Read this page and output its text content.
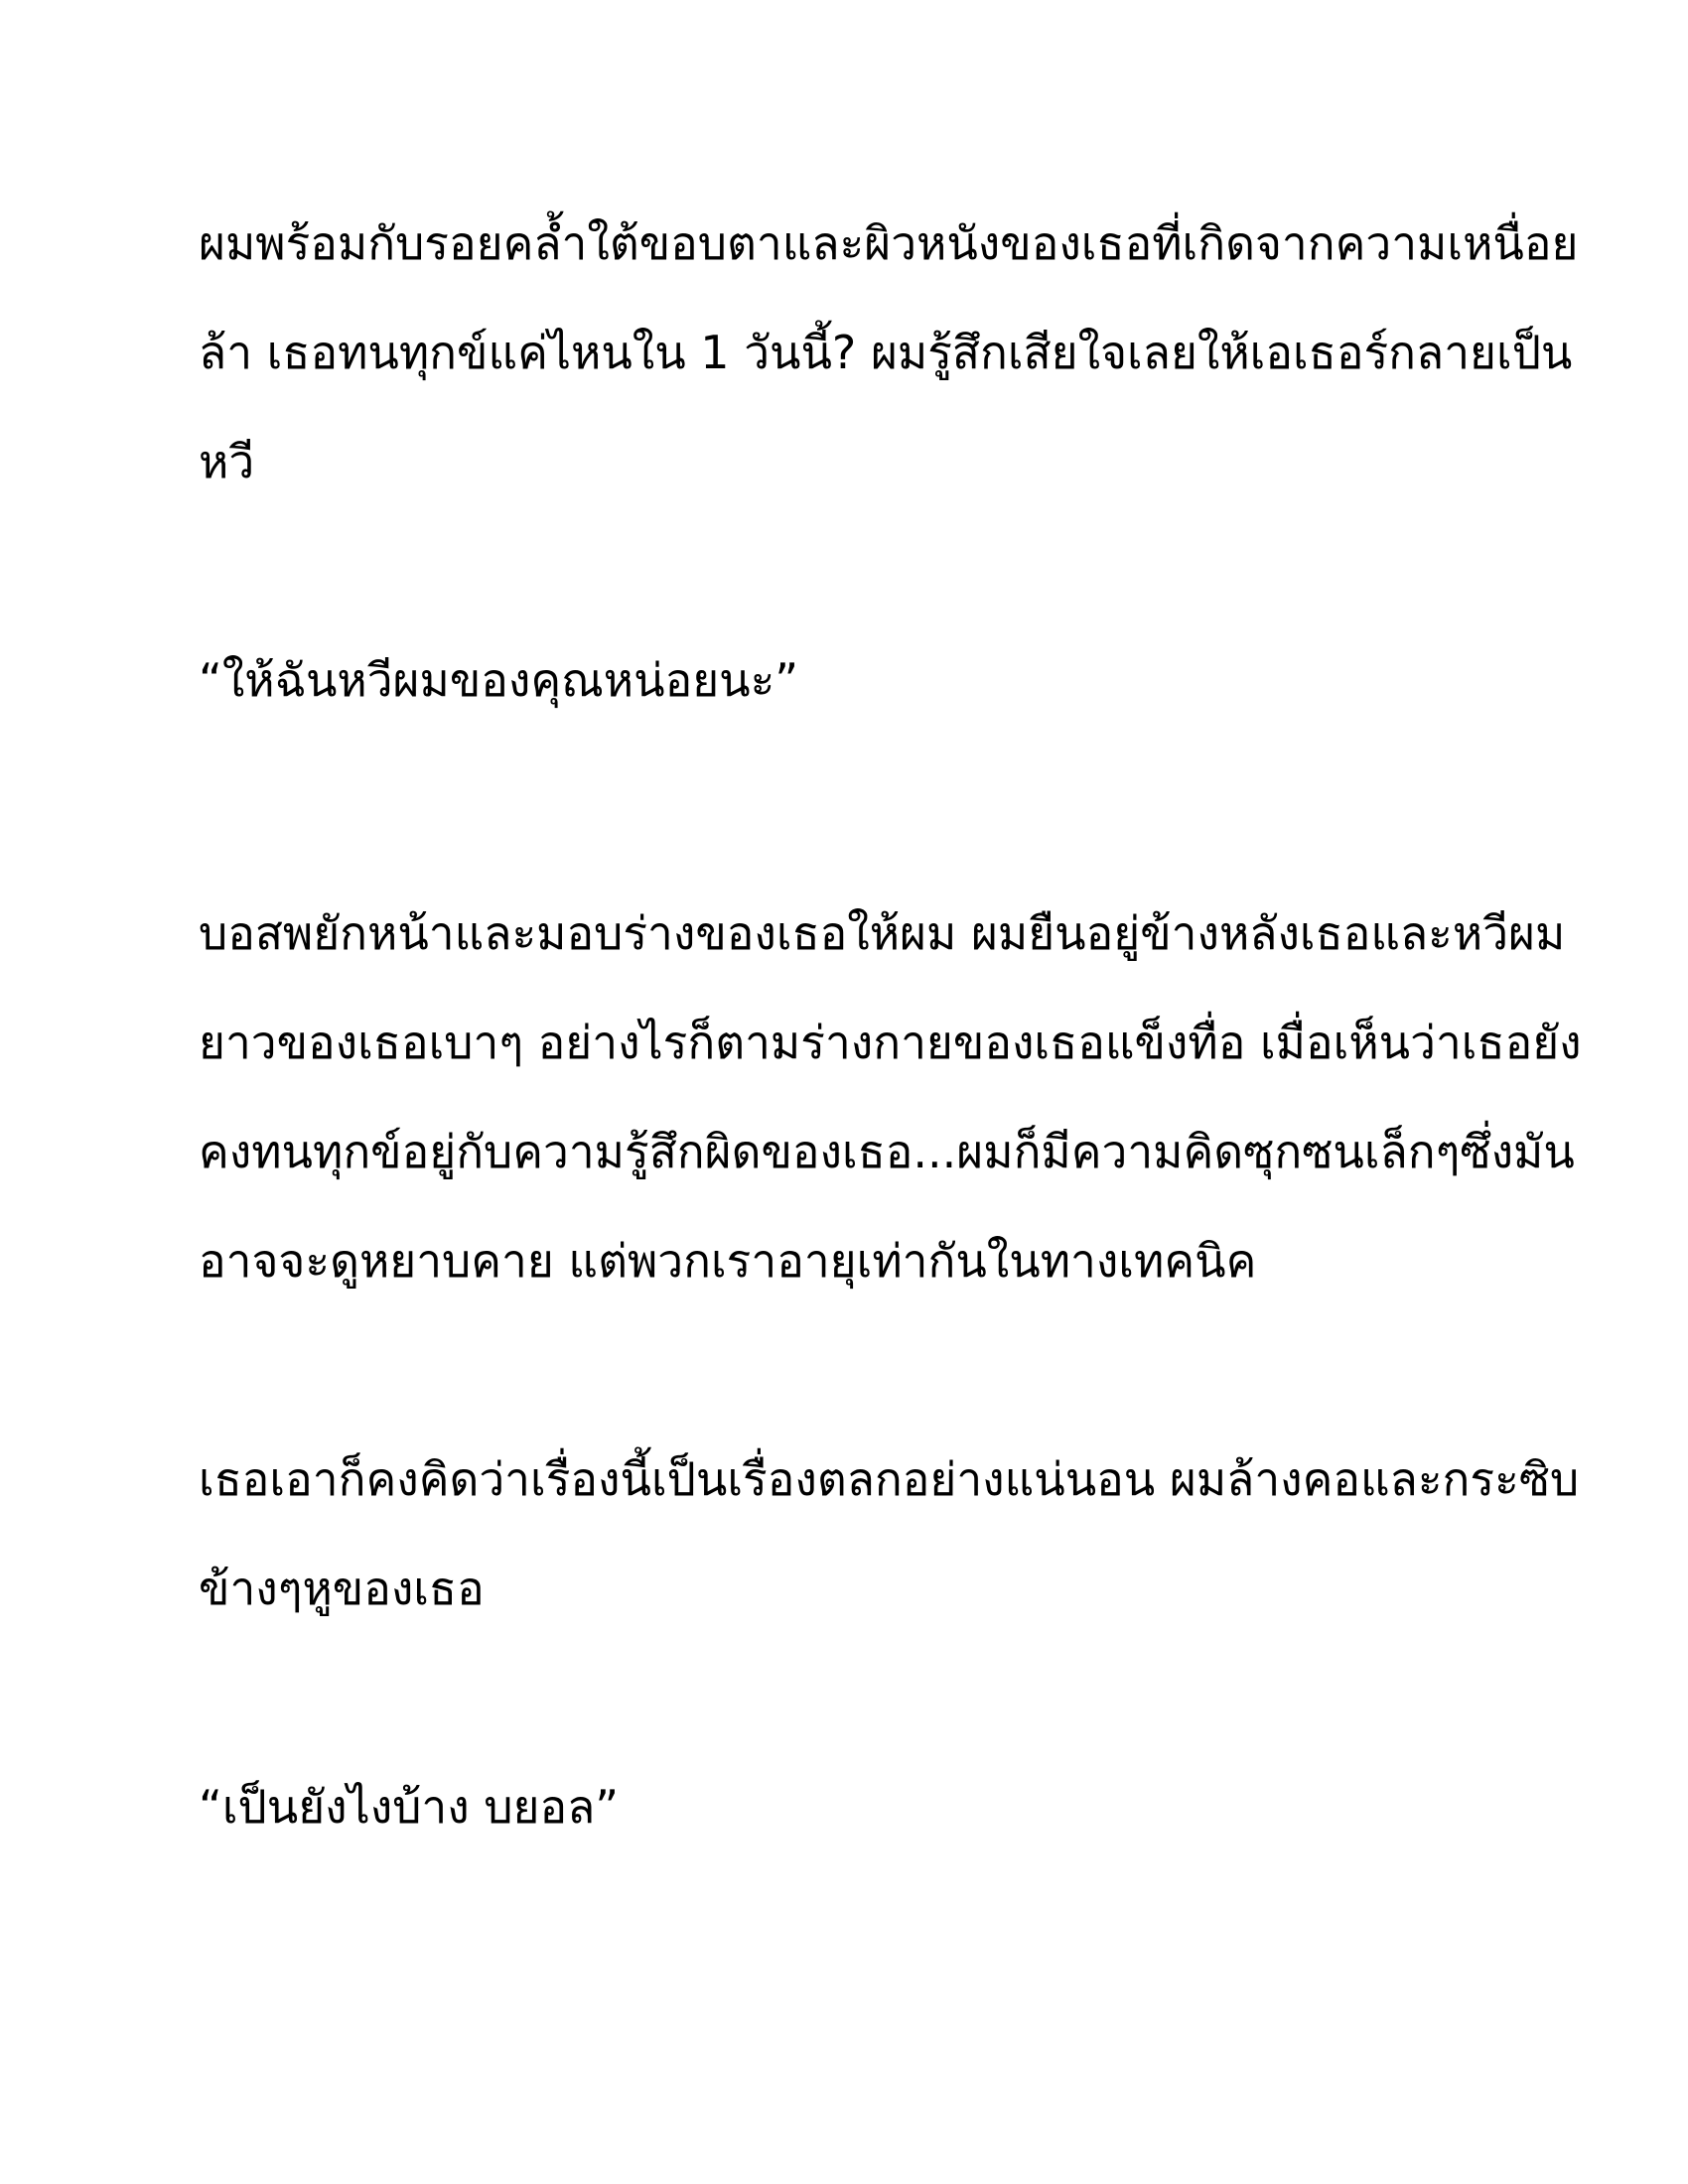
ผมพร้อมกับรอยคล้ำใต้ขอบตาและผิวหนังของเธอที่เกิดจากความเหนื่อย
ล้า เธอทนทุกข์แค่ไหนใน 1 วันนี้? ผมรู้สึกเสียใจเลยให้เอเธอร์กลายเป็น
หวี

“ให้ฉันหวีผมของคุณหน่อยนะ”

บอสพยักหน้าและมอบร่างของเธอให้ผม ผมยืนอยู่ข้างหลังเธอและหวีผม
ยาวของเธอเบาๆ อย่างไรก็ตามร่างกายของเธอแข็งทื่อ เมื่อเห็นว่าเธอยัง
คงทนทุกข์อยู่กับความรู้สึกผิดของเธอ...ผมก็มีความคิดซุกซนเล็กๆซึ่งมัน
อาจจะดูหยาบคาย แต่พวกเราอายุเท่ากันในทางเทคนิค

เธอเอาก็คงคิดว่าเรื่องนี้เป็นเรื่องตลกอย่างแน่นอน ผมล้างคอและกระซิบ
ข้างๆหูของเธอ

“เป็นยังไงบ้าง บยอล”
